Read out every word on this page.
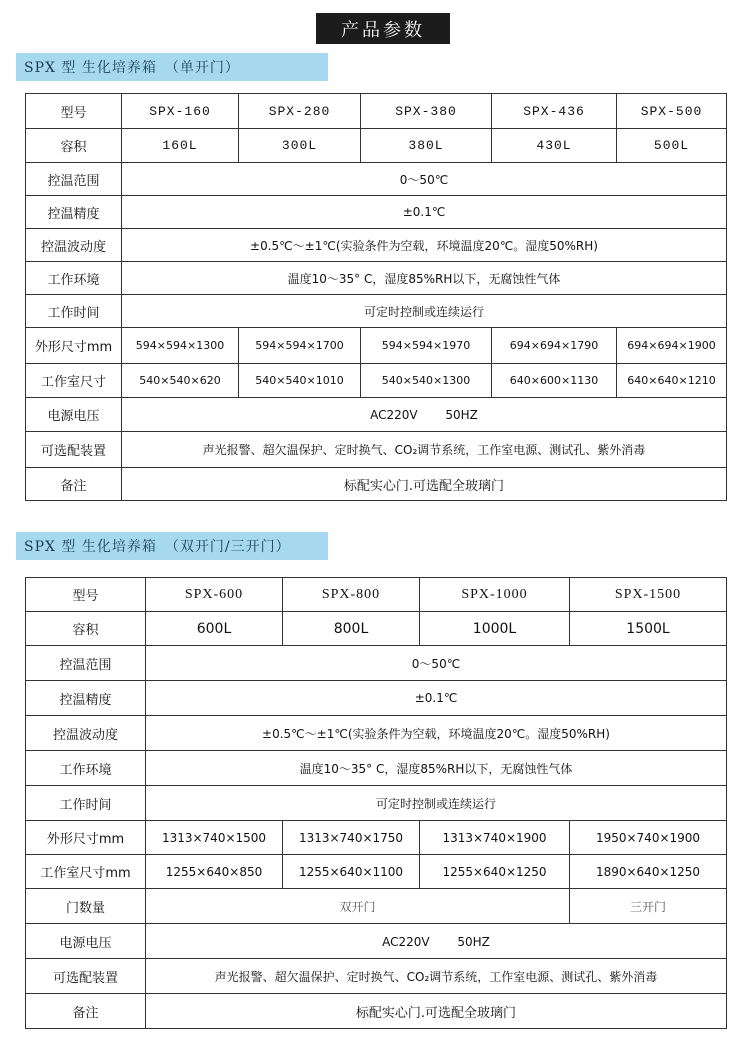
产品参数
SPX 型 生化培养箱　（单开门）
型号	SPX-160	SPX-280	SPX-380	SPX-436	SPX-500
容积	160L	300L	380L	430L	500L
控温范围	0～50℃				
控温精度	±0.1℃				
控温波动度	±0.5℃～±1℃(实验条件为空载，环境温度20℃。湿度50%RH)				
工作环境	温度10～35° C，湿度85%RH以下，无腐蚀性气体				
工作时间	可定时控制或连续运行				
外形尺寸mm	594×594×1300	594×594×1700	594×594×1970	694×694×1790	694×694×1900
工作室尺寸	540×540×620	540×540×1010	540×540×1300	640×600×1130	640×640×1210
电源电压	AC220V　　 50HZ				
可选配装置	声光报警、超欠温保护、定时换气、CO₂调节系统，工作室电源、测试孔、紫外消毒				
备注	标配实心门.可选配全玻璃门				
SPX 型 生化培养箱　（双开门/三开门）
型号	SPX-600	SPX-800	SPX-1000	SPX-1500
容积	600L	800L	1000L	1500L
控温范围	0～50℃			
控温精度	±0.1℃			
控温波动度	±0.5℃～±1℃(实验条件为空载，环境温度20℃。湿度50%RH)			
工作环境	温度10～35° C，湿度85%RH以下，无腐蚀性气体			
工作时间	可定时控制或连续运行			
外形尺寸mm	1313×740×1500	1313×740×1750	1313×740×1900	1950×740×1900
工作室尺寸mm	1255×640×850	1255×640×1100	1255×640×1250	1890×640×1250
门数量	双开门			三开门
电源电压	AC220V　　 50HZ			
可选配装置	声光报警、超欠温保护、定时换气、CO₂调节系统，工作室电源、测试孔、紫外消毒			
备注	标配实心门.可选配全玻璃门			
